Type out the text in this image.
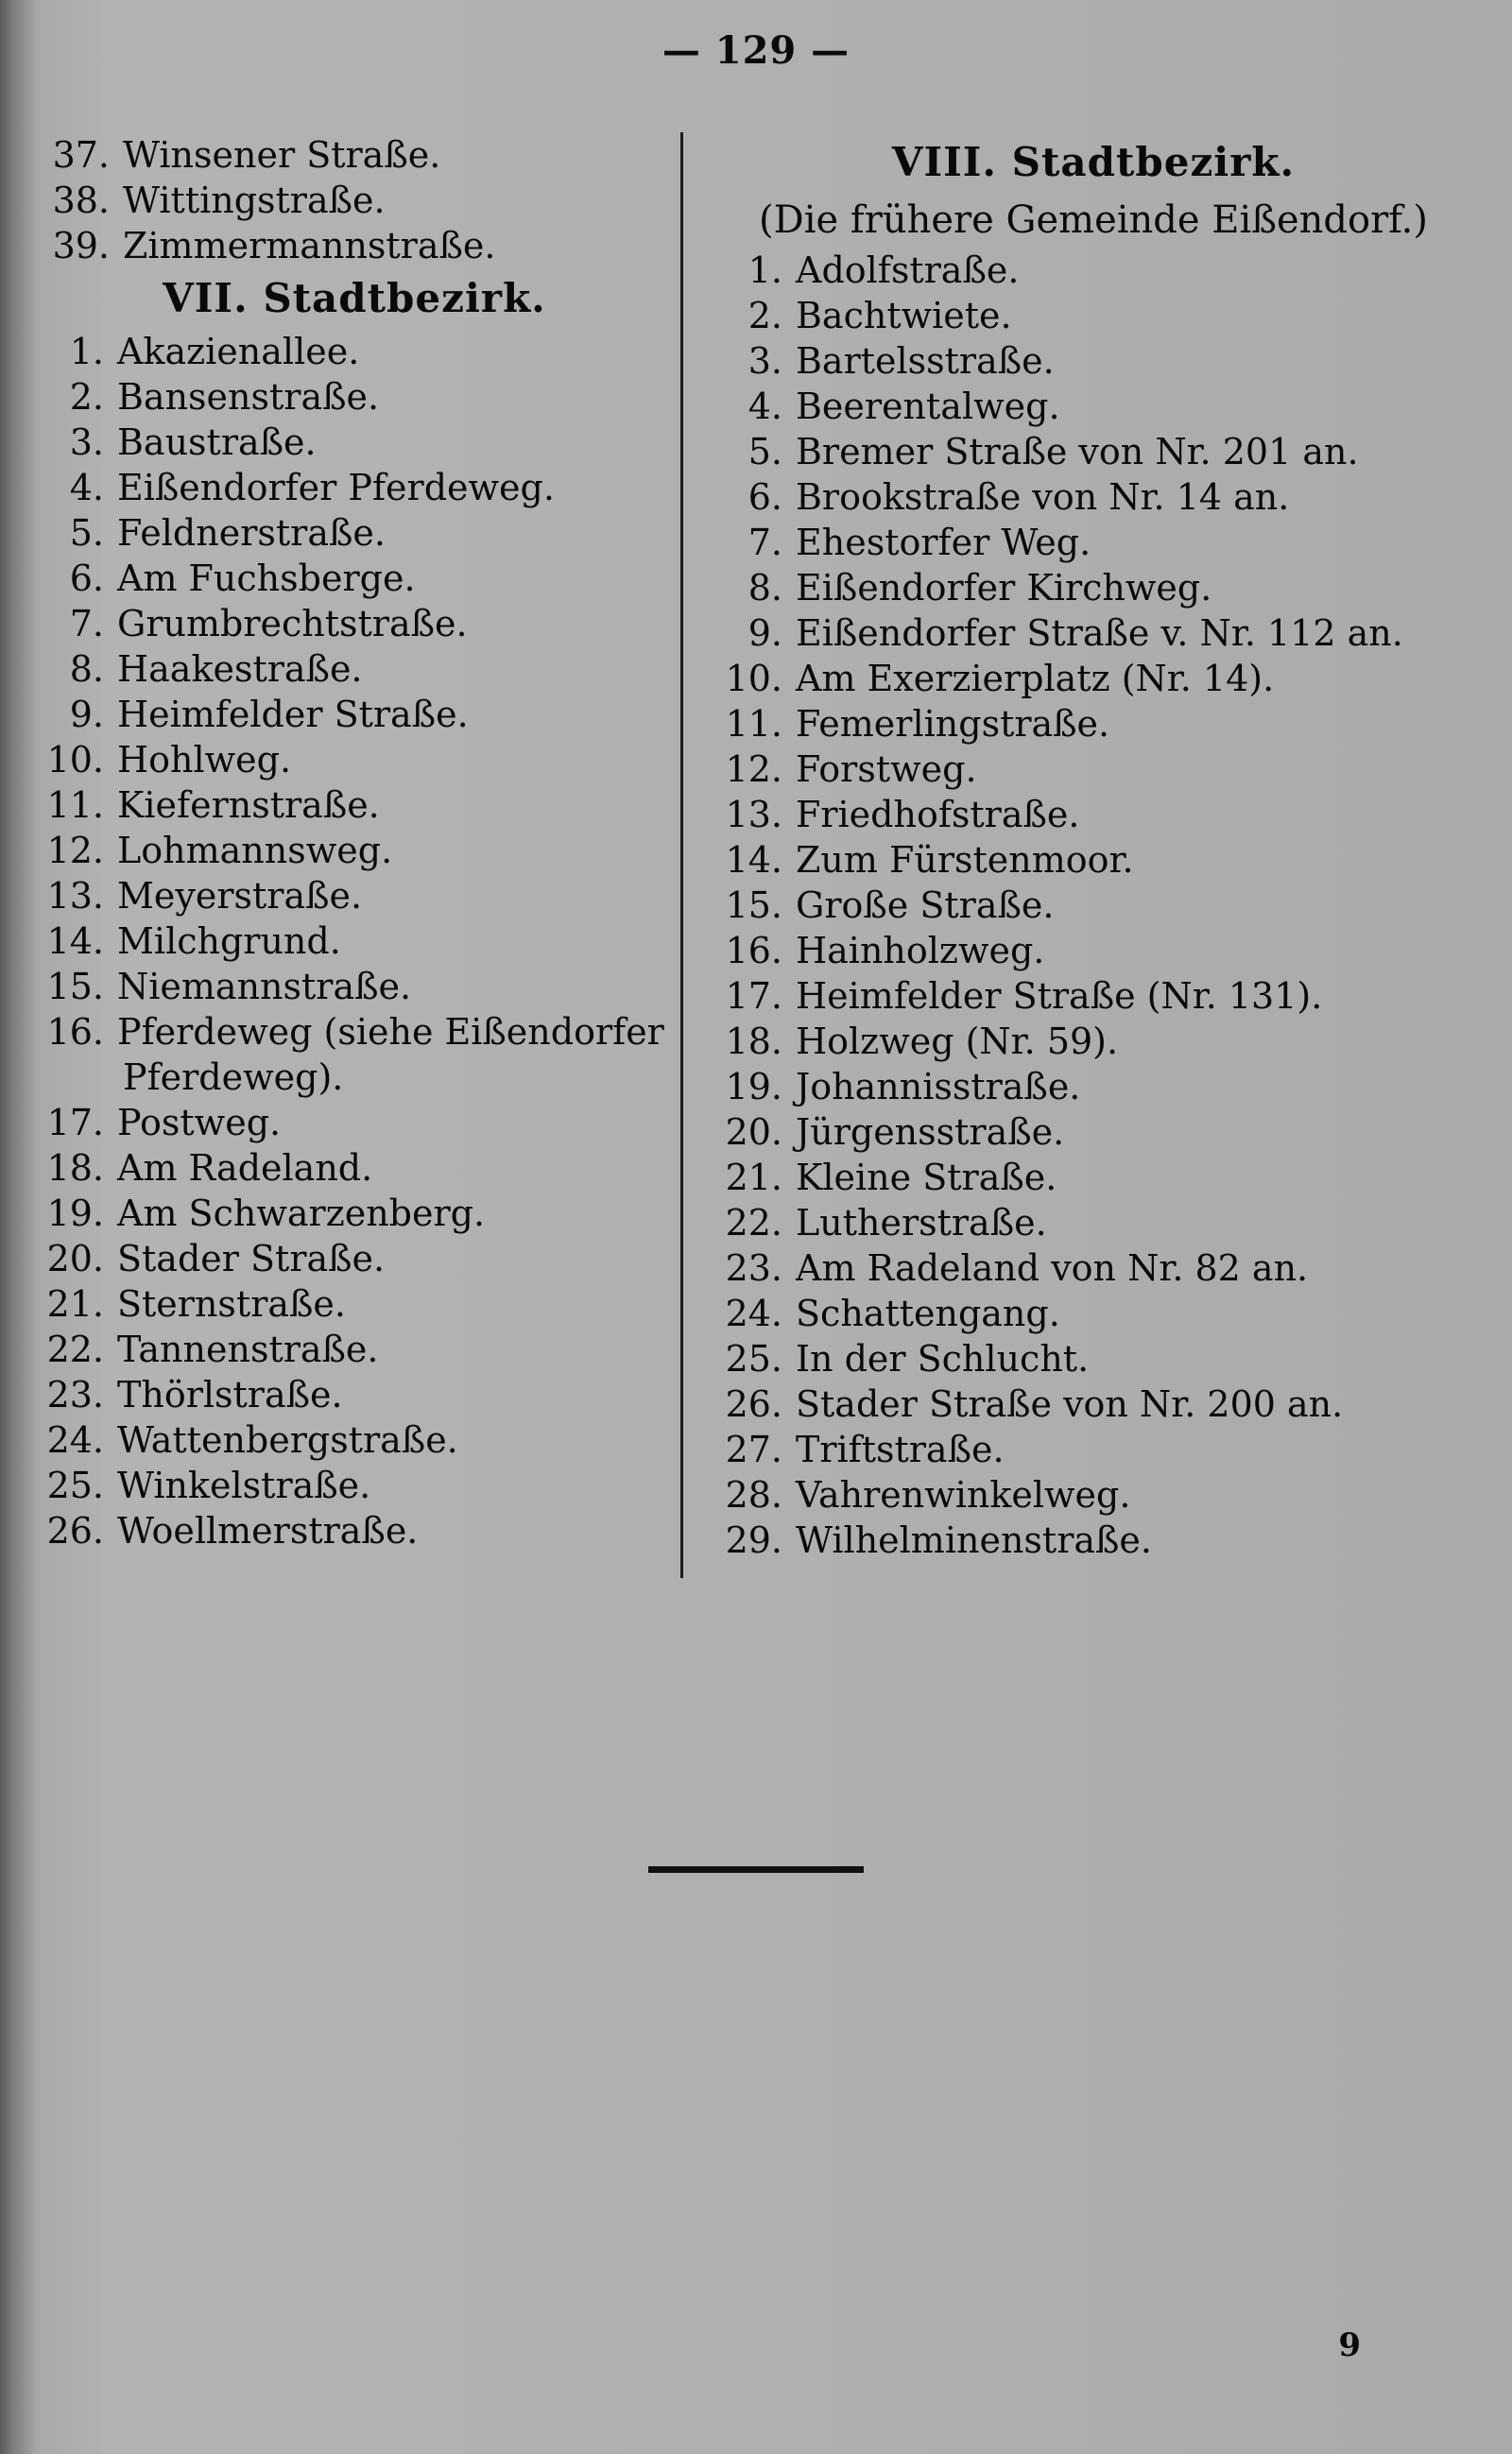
— 129 —
37. Winsener Straße.
38. Wittingstraße.
39. Zimmermannstraße.
VII. Stadtbezirk.
1. Akazienallee.
2. Bansenstraße.
3. Baustraße.
4. Eißendorfer Pferdeweg.
5. Feldnerstraße.
6. Am Fuchsberge.
7. Grumbrechtstraße.
8. Haakestraße.
9. Heimfelder Straße.
10. Hohlweg.
11. Kiefernstraße.
12. Lohmannsweg.
13. Meyerstraße.
14. Milchgrund.
15. Niemannstraße.
16. Pferdeweg (siehe Eißendorfer
Pferdeweg).
17. Postweg.
18. Am Radeland.
19. Am Schwarzenberg.
20. Stader Straße.
21. Sternstraße.
22. Tannenstraße.
23. Thörlstraße.
24. Wattenbergstraße.
25. Winkelstraße.
26. Woellmerstraße.
VIII. Stadtbezirk.
(Die frühere Gemeinde Eißendorf.)
1. Adolfstraße.
2. Bachtwiete.
3. Bartelsstraße.
4. Beerentalweg.
5. Bremer Straße von Nr. 201 an.
6. Brookstraße von Nr. 14 an.
7. Ehestorfer Weg.
8. Eißendorfer Kirchweg.
9. Eißendorfer Straße v. Nr. 112 an.
10. Am Exerzierplatz (Nr. 14).
11. Femerlingstraße.
12. Forstweg.
13. Friedhofstraße.
14. Zum Fürstenmoor.
15. Große Straße.
16. Hainholzweg.
17. Heimfelder Straße (Nr. 131).
18. Holzweg (Nr. 59).
19. Johannisstraße.
20. Jürgensstraße.
21. Kleine Straße.
22. Lutherstraße.
23. Am Radeland von Nr. 82 an.
24. Schattengang.
25. In der Schlucht.
26. Stader Straße von Nr. 200 an.
27. Triftstraße.
28. Vahrenwinkelweg.
29. Wilhelminenstraße.
9
